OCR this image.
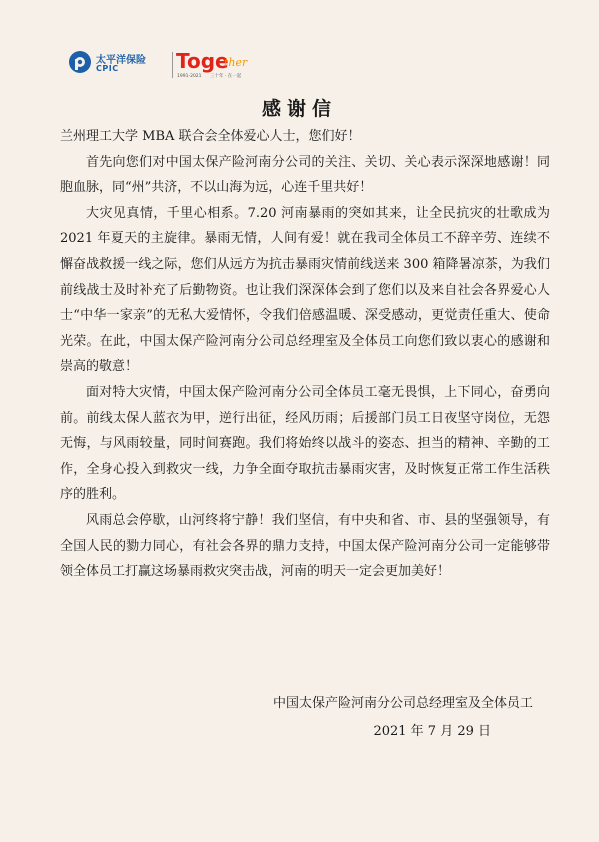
太平洋保险
CPIC	Toge
ther
1991-2021 三十年 · 在一起
感谢信

兰州理工大学 MBA 联合会全体爱心人士，您们好！

首先向您们对中国太保产险河南分公司的关注、关切、关心表示深深地感谢！同胞血脉，同“州”共济，不以山海为远，心连千里共好！

大灾见真情，千里心相系。7.20 河南暴雨的突如其来，让全民抗灾的壮歌成为 2021 年夏天的主旋律。暴雨无情，人间有爱！就在我司全体员工不辞辛劳、连续不懈奋战救援一线之际，您们从远方为抗击暴雨灾情前线送来 300 箱降暑凉茶，为我们前线战士及时补充了后勤物资。也让我们深深体会到了您们以及来自社会各界爱心人士“中华一家亲”的无私大爱情怀，令我们倍感温暖、深受感动，更觉责任重大、使命光荣。在此，中国太保产险河南分公司总经理室及全体员工向您们致以衷心的感谢和崇高的敬意！

面对特大灾情，中国太保产险河南分公司全体员工毫无畏惧，上下同心，奋勇向前。前线太保人蓝衣为甲，逆行出征，经风历雨；后援部门员工日夜坚守岗位，无怨无悔，与风雨较量，同时间赛跑。我们将始终以战斗的姿态、担当的精神、辛勤的工作，全身心投入到救灾一线，力争全面夺取抗击暴雨灾害，及时恢复正常工作生活秩序的胜利。

风雨总会停歇，山河终将宁静！我们坚信，有中央和省、市、县的坚强领导，有全国人民的勠力同心，有社会各界的鼎力支持，中国太保产险河南分公司一定能够带领全体员工打赢这场暴雨救灾突击战，河南的明天一定会更加美好！

中国太保产险河南分公司总经理室及全体员工
2021 年 7 月 29 日
